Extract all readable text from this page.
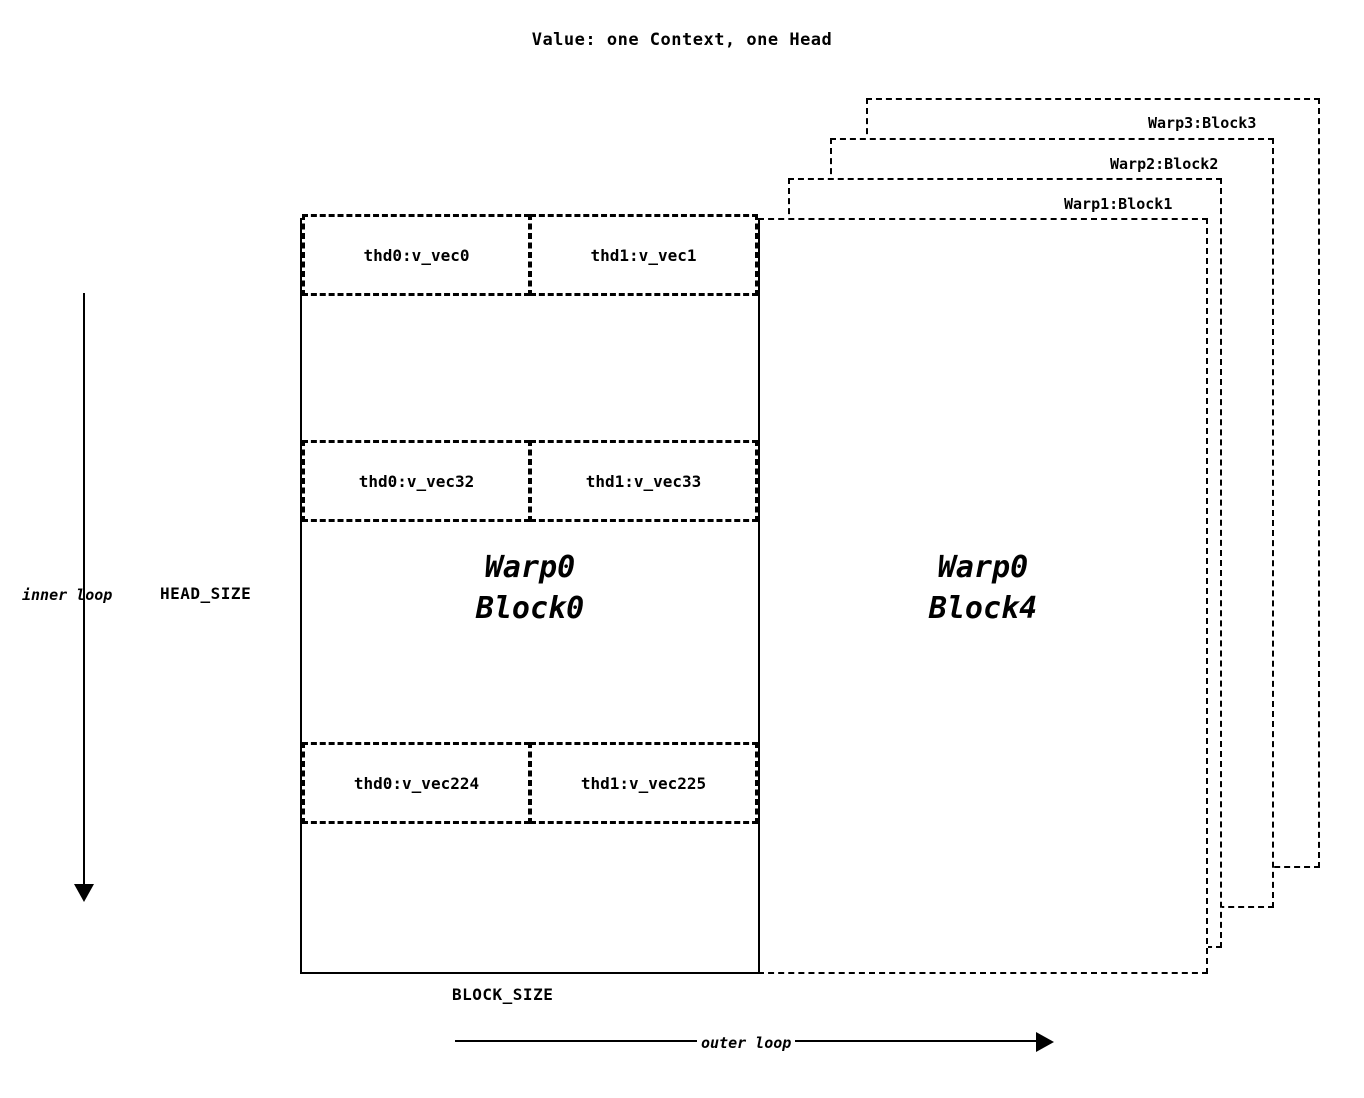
Value: one Context, one Head
Warp3:Block3
Warp2:Block2
Warp1:Block1
Warp0
Block4
Warp0
Block0
thd0:v_vec0	thd1:v_vec1
thd0:v_vec32	thd1:v_vec33
thd0:v_vec224	thd1:v_vec225
inner loop	HEAD_SIZE
BLOCK_SIZE
outer loop
